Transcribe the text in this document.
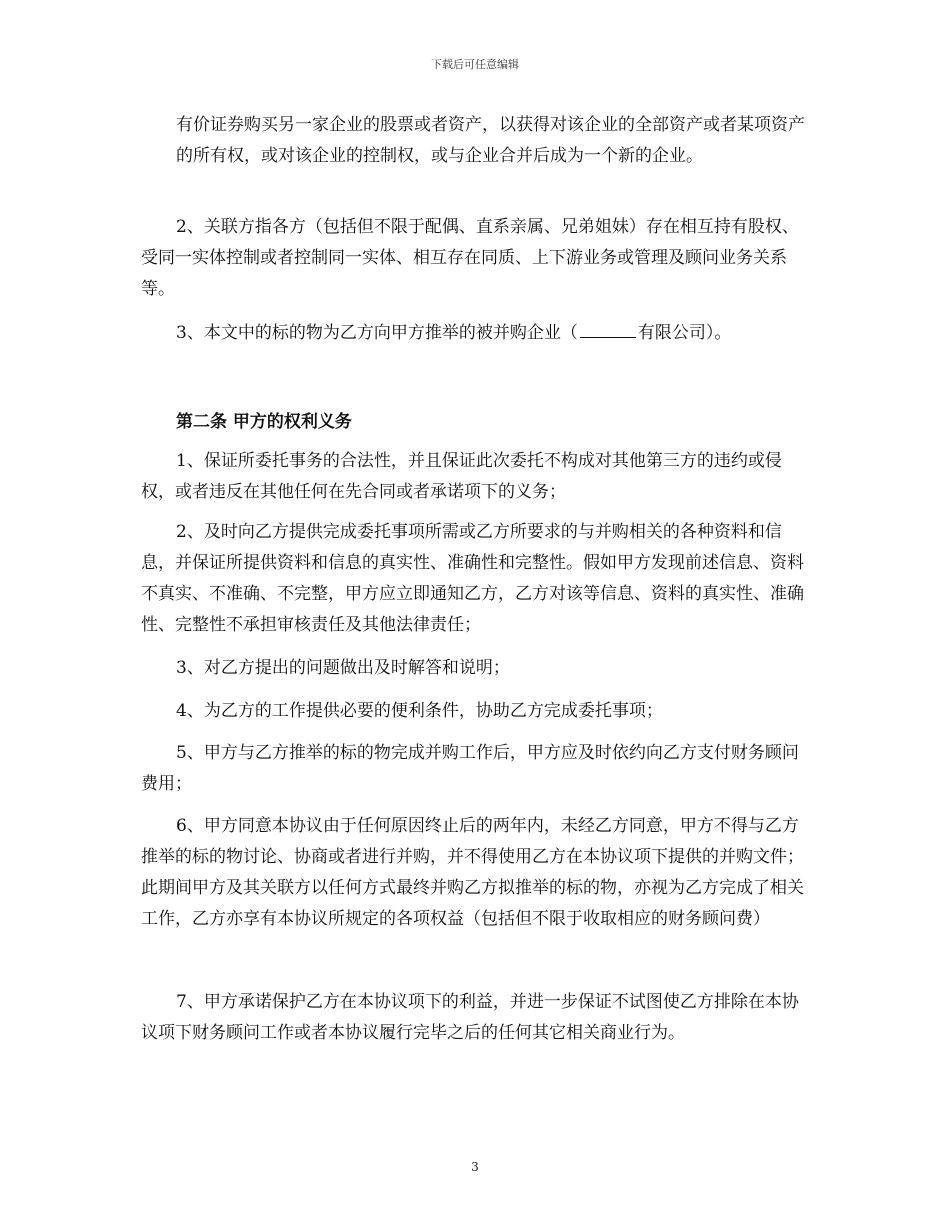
下载后可任意编辑

有价证券购买另一家企业的股票或者资产，以获得对该企业的全部资产或者某项资产的所有权，或对该企业的控制权，或与企业合并后成为一个新的企业。

2、关联方指各方（包括但不限于配偶、直系亲属、兄弟姐妹）存在相互持有股权、受同一实体控制或者控制同一实体、相互存在同质、上下游业务或管理及顾问业务关系等。

3、本文中的标的物为乙方向甲方推举的被并购企业（	有限公司）。

第二条 甲方的权利义务

1、保证所委托事务的合法性，并且保证此次委托不构成对其他第三方的违约或侵权，或者违反在其他任何在先合同或者承诺项下的义务；

2、及时向乙方提供完成委托事项所需或乙方所要求的与并购相关的各种资料和信息，并保证所提供资料和信息的真实性、准确性和完整性。假如甲方发现前述信息、资料不真实、不准确、不完整，甲方应立即通知乙方，乙方对该等信息、资料的真实性、准确性、完整性不承担审核责任及其他法律责任；

3、对乙方提出的问题做出及时解答和说明；

4、为乙方的工作提供必要的便利条件，协助乙方完成委托事项；

5、甲方与乙方推举的标的物完成并购工作后，甲方应及时依约向乙方支付财务顾问费用；

6、甲方同意本协议由于任何原因终止后的两年内，未经乙方同意，甲方不得与乙方推举的标的物讨论、协商或者进行并购，并不得使用乙方在本协议项下提供的并购文件；此期间甲方及其关联方以任何方式最终并购乙方拟推举的标的物，亦视为乙方完成了相关工作，乙方亦享有本协议所规定的各项权益（包括但不限于收取相应的财务顾问费）

7、甲方承诺保护乙方在本协议项下的利益，并进一步保证不试图使乙方排除在本协议项下财务顾问工作或者本协议履行完毕之后的任何其它相关商业行为。

3
